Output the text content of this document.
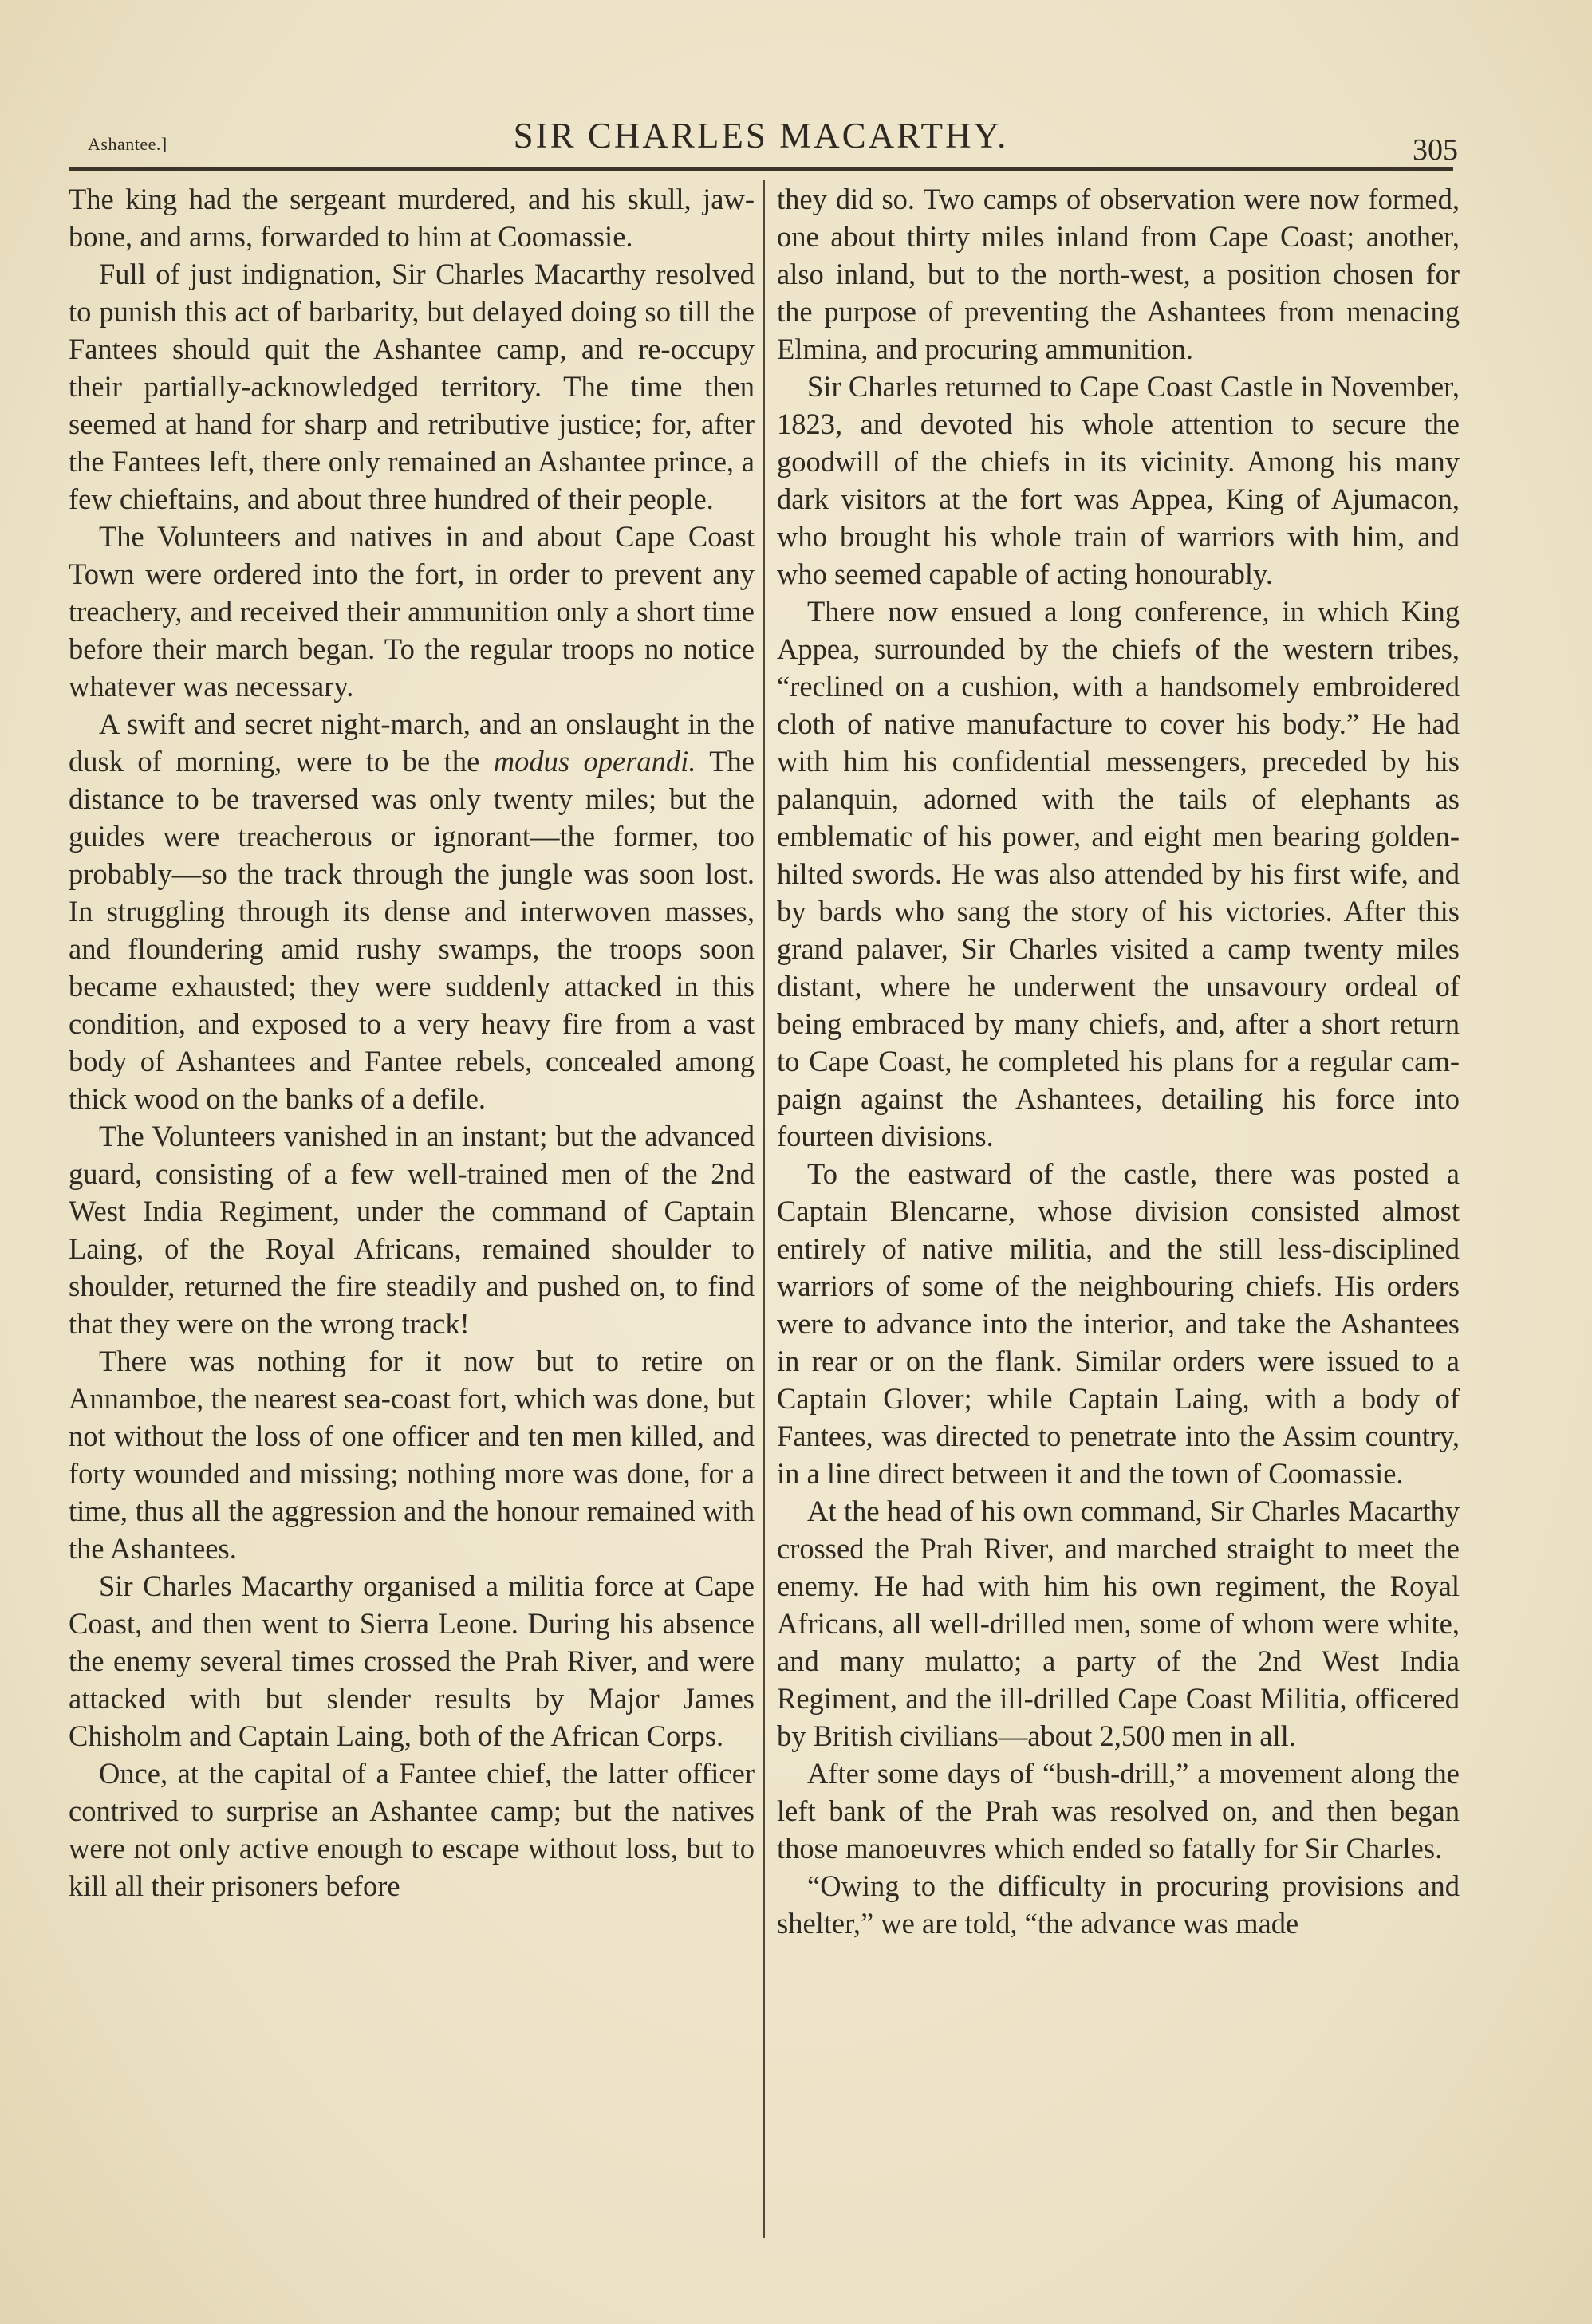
Ashantee.]	SIR CHARLES MACARTHY.	305

The king had the sergeant murdered, and his skull, jaw-bone, and arms, forwarded to him at Coomassie.

Full of just indignation, Sir Charles Macarthy resolved to punish this act of barbarity, but delayed doing so till the Fantees should quit the Ashantee camp, and re-occupy their partially-acknowledged territory. The time then seemed at hand for sharp and retributive justice; for, after the Fantees left, there only remained an Ashantee prince, a few chieftains, and about three hundred of their people.

The Volunteers and natives in and about Cape Coast Town were ordered into the fort, in order to prevent any treachery, and received their ammunition only a short time before their march began. To the regular troops no notice whatever was necessary.

A swift and secret night-march, and an onslaught in the dusk of morning, were to be the modus operandi. The distance to be traversed was only twenty miles; but the guides were treacherous or ignorant—the former, too probably—so the track through the jungle was soon lost. In struggling through its dense and interwoven masses, and floundering amid rushy swamps, the troops soon became exhausted; they were suddenly attacked in this condition, and exposed to a very heavy fire from a vast body of Ashantees and Fantee rebels, concealed among thick wood on the banks of a defile.

The Volunteers vanished in an instant; but the advanced guard, consisting of a few well-trained men of the 2nd West India Regiment, under the command of Captain Laing, of the Royal Africans, remained shoulder to shoulder, returned the fire steadily and pushed on, to find that they were on the wrong track!

There was nothing for it now but to retire on Annamboe, the nearest sea-coast fort, which was done, but not without the loss of one officer and ten men killed, and forty wounded and missing; nothing more was done, for a time, thus all the aggression and the honour remained with the Ashantees.

Sir Charles Macarthy organised a militia force at Cape Coast, and then went to Sierra Leone. During his absence the enemy several times crossed the Prah River, and were attacked with but slender results by Major James Chisholm and Captain Laing, both of the African Corps.

Once, at the capital of a Fantee chief, the latter officer contrived to surprise an Ashantee camp; but the natives were not only active enough to escape without loss, but to kill all their prisoners before

they did so. Two camps of observation were now formed, one about thirty miles inland from Cape Coast; another, also inland, but to the north-west, a position chosen for the purpose of preventing the Ashantees from menacing Elmina, and procuring ammunition.

Sir Charles returned to Cape Coast Castle in November, 1823, and devoted his whole attention to secure the goodwill of the chiefs in its vicinity. Among his many dark visitors at the fort was Appea, King of Ajumacon, who brought his whole train of warriors with him, and who seemed capable of acting honourably.

There now ensued a long conference, in which King Appea, surrounded by the chiefs of the western tribes, “reclined on a cushion, with a handsomely embroidered cloth of native manufacture to cover his body.” He had with him his confidential messengers, preceded by his palanquin, adorned with the tails of elephants as emblematic of his power, and eight men bearing golden-hilted swords. He was also attended by his first wife, and by bards who sang the story of his victories. After this grand palaver, Sir Charles visited a camp twenty miles distant, where he underwent the unsavoury ordeal of being embraced by many chiefs, and, after a short return to Cape Coast, he completed his plans for a regular campaign against the Ashantees, detailing his force into fourteen divisions.

To the eastward of the castle, there was posted a Captain Blencarne, whose division consisted almost entirely of native militia, and the still less-disciplined warriors of some of the neighbouring chiefs. His orders were to advance into the interior, and take the Ashantees in rear or on the flank. Similar orders were issued to a Captain Glover; while Captain Laing, with a body of Fantees, was directed to penetrate into the Assim country, in a line direct between it and the town of Coomassie.

At the head of his own command, Sir Charles Macarthy crossed the Prah River, and marched straight to meet the enemy. He had with him his own regiment, the Royal Africans, all well-drilled men, some of whom were white, and many mulatto; a party of the 2nd West India Regiment, and the ill-drilled Cape Coast Militia, officered by British civilians—about 2,500 men in all.

After some days of “bush-drill,” a movement along the left bank of the Prah was resolved on, and then began those manoeuvres which ended so fatally for Sir Charles.

“Owing to the difficulty in procuring provisions and shelter,” we are told, “the advance was made
